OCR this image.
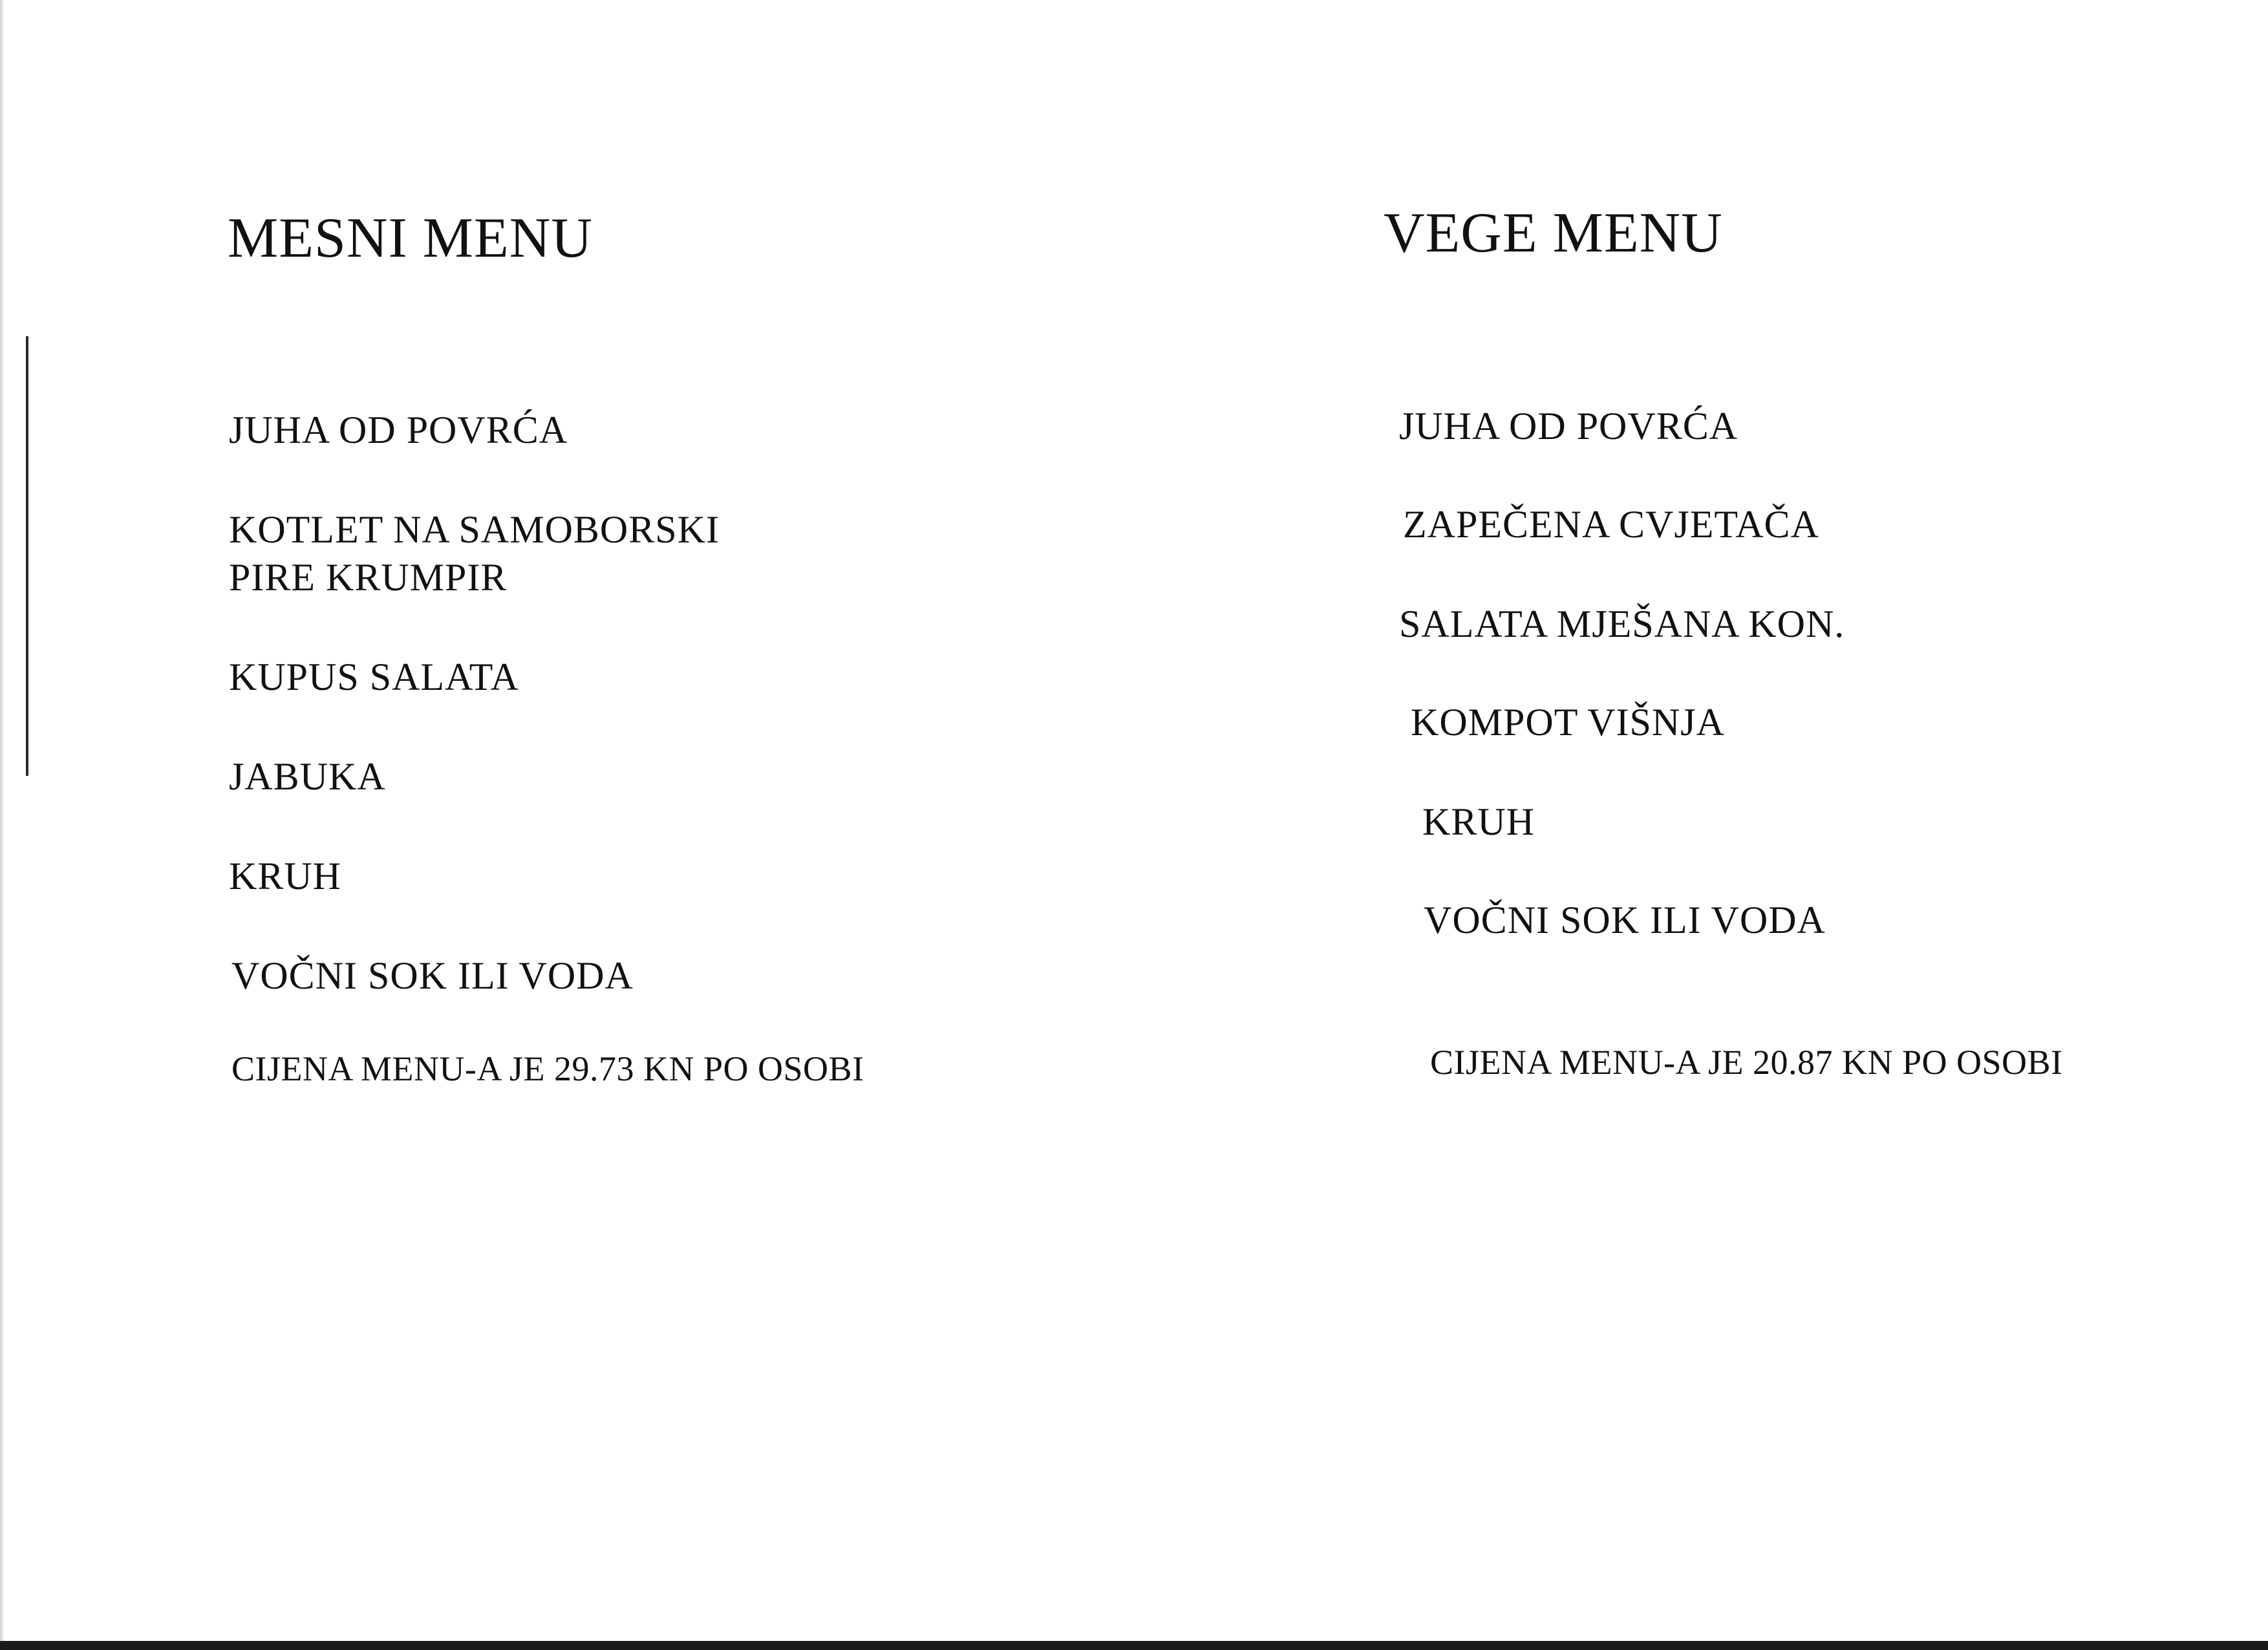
MESNI MENU
JUHA OD POVRĆA
KOTLET NA SAMOBORSKI
PIRE KRUMPIR
KUPUS SALATA
JABUKA
KRUH
VOČNI SOK ILI VODA
CIJENA MENU-A JE 29.73 KN PO OSOBI
VEGE MENU
JUHA OD POVRĆA
ZAPEČENA CVJETAČA
SALATA MJEŠANA KON.
KOMPOT VIŠNJA
KRUH
VOČNI SOK ILI VODA
CIJENA MENU-A JE 20.87 KN PO OSOBI
